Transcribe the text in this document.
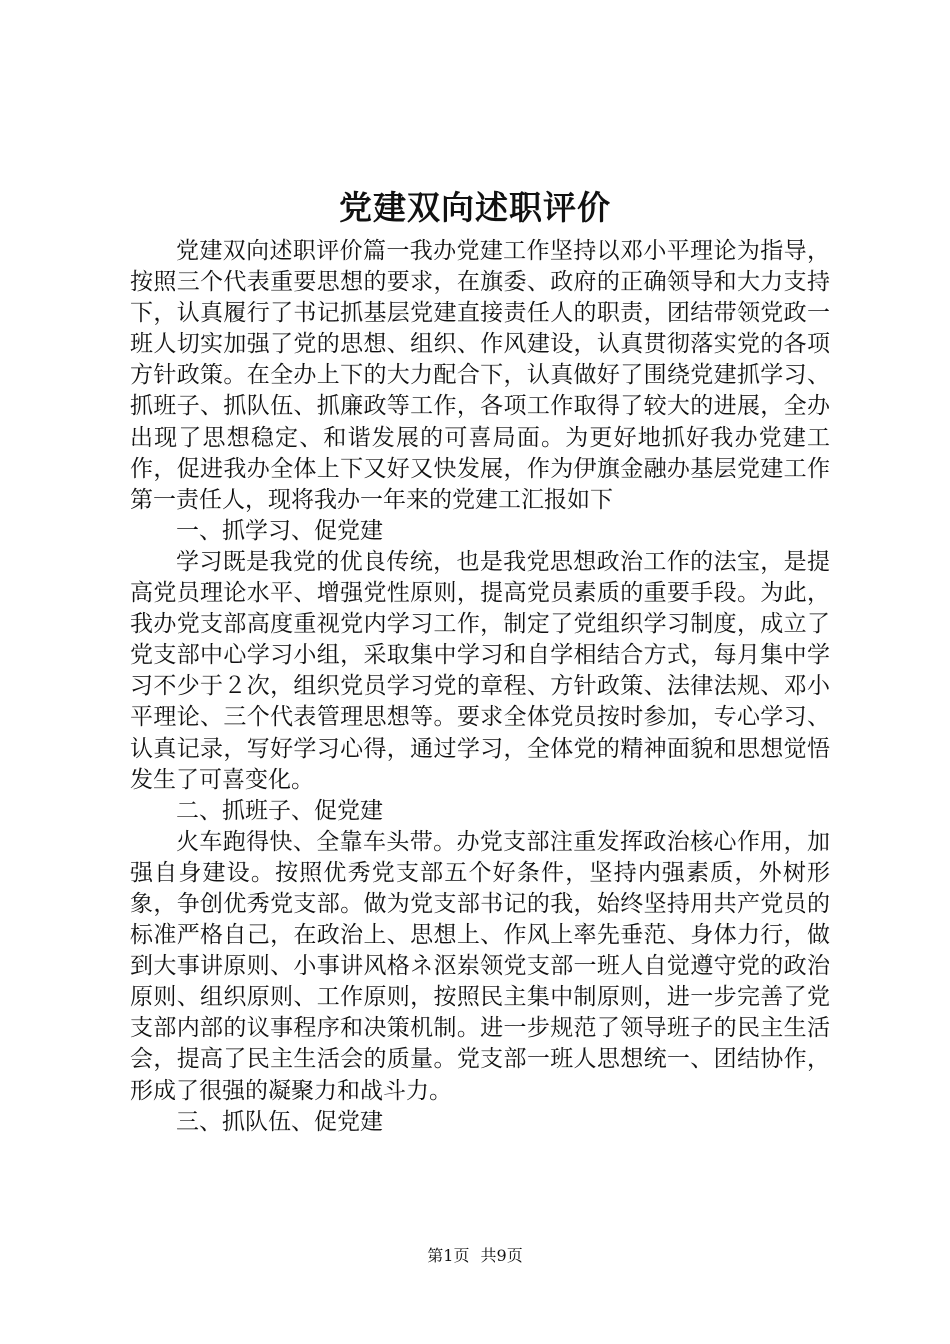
党建双向述职评价

党建双向述职评价篇一我办党建工作坚持以邓小平理论为指导，按照三个代表重要思想的要求，在旗委、政府的正确领导和大力支持下，认真履行了书记抓基层党建直接责任人的职责，团结带领党政一班人切实加强了党的思想、组织、作风建设，认真贯彻落实党的各项方针政策。在全办上下的大力配合下，认真做好了围绕党建抓学习、抓班子、抓队伍、抓廉政等工作，各项工作取得了较大的进展，全办出现了思想稳定、和谐发展的可喜局面。为更好地抓好我办党建工作，促进我办全体上下又好又快发展，作为伊旗金融办基层党建工作第一责任人，现将我办一年来的党建工汇报如下

一、抓学习、促党建

学习既是我党的优良传统，也是我党思想政治工作的法宝，是提高党员理论水平、增强党性原则，提高党员素质的重要手段。为此，我办党支部高度重视党内学习工作，制定了党组织学习制度，成立了党支部中心学习小组，采取集中学习和自学相结合方式，每月集中学习不少于２次，组织党员学习党的章程、方针政策、法律法规、邓小平理论、三个代表管理思想等。要求全体党员按时参加，专心学习、认真记录，写好学习心得，通过学习，全体党的精神面貌和思想觉悟发生了可喜变化。

二、抓班子、促党建

火车跑得快、全靠车头带。办党支部注重发挥政治核心作用，加强自身建设。按照优秀党支部五个好条件，坚持内强素质，外树形象，争创优秀党支部。做为党支部书记的我，始终坚持用共产党员的标准严格自己，在政治上、思想上、作风上率先垂范、身体力行，做到大事讲原则、小事讲风格ネ沤岽领党支部一班人自觉遵守党的政治原则、组织原则、工作原则，按照民主集中制原则，进一步完善了党支部内部的议事程序和决策机制。进一步规范了领导班子的民主生活会，提高了民主生活会的质量。党支部一班人思想统一、团结协作，形成了很强的凝聚力和战斗力。

三、抓队伍、促党建

第1页 共9页
